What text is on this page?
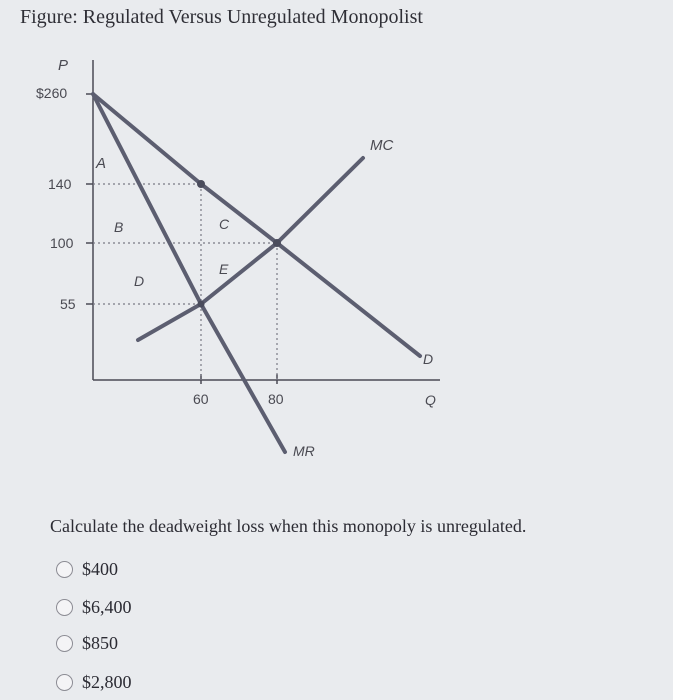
Figure: Regulated Versus Unregulated Monopolist
P
Q
$260
140
100
55
60	80
A
B	C
D
E
MC
D
MR
Calculate the deadweight loss when this monopoly is unregulated.
$400
$6,400
$850
$2,800
